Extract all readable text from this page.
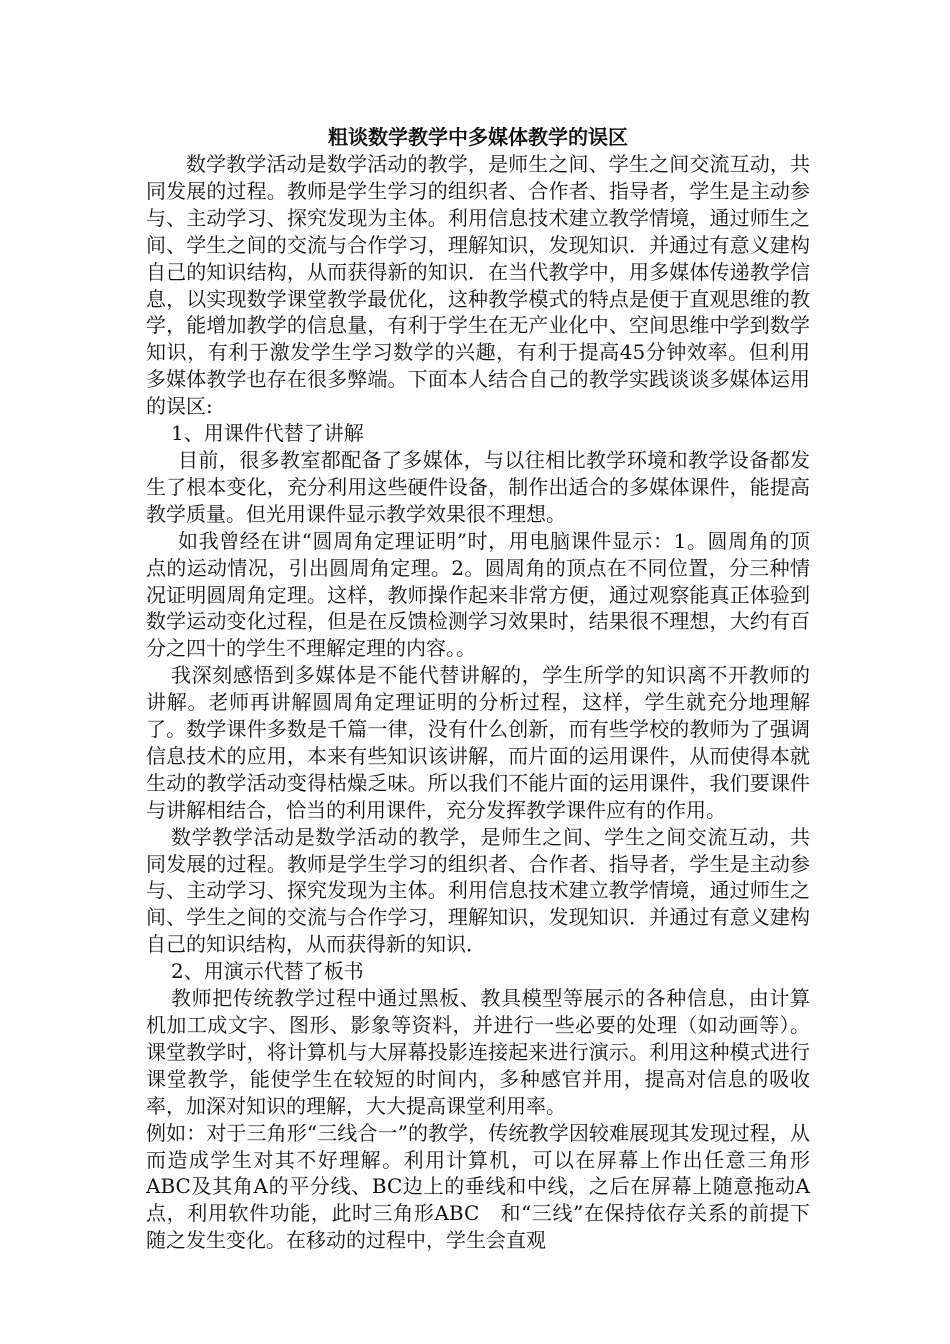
粗谈数学教学中多媒体教学的误区

数学教学活动是数学活动的教学，是师生之间、学生之间交流互动，共同发展的过程。教师是学生学习的组织者、合作者、指导者，学生是主动参与、主动学习、探究发现为主体。利用信息技术建立教学情境，通过师生之间、学生之间的交流与合作学习，理解知识，发现知识．并通过有意义建构自己的知识结构，从而获得新的知识．在当代教学中，用多媒体传递教学信息，以实现数学课堂教学最优化，这种教学模式的特点是便于直观思维的教学，能增加教学的信息量，有利于学生在无产业化中、空间思维中学到数学知识，有利于激发学生学习数学的兴趣，有利于提高45分钟效率。但利用多媒体教学也存在很多弊端。下面本人结合自己的教学实践谈谈多媒体运用的误区:

1、用课件代替了讲解

目前，很多教室都配备了多媒体，与以往相比教学环境和教学设备都发生了根本变化，充分利用这些硬件设备，制作出适合的多媒体课件，能提高教学质量。但光用课件显示教学效果很不理想。

如我曾经在讲“圆周角定理证明”时，用电脑课件显示：1。圆周角的顶点的运动情况，引出圆周角定理。2。圆周角的顶点在不同位置，分三种情况证明圆周角定理。这样，教师操作起来非常方便，通过观察能真正体验到数学运动变化过程，但是在反馈检测学习效果时，结果很不理想，大约有百分之四十的学生不理解定理的内容。。

我深刻感悟到多媒体是不能代替讲解的，学生所学的知识离不开教师的讲解。老师再讲解圆周角定理证明的分析过程，这样，学生就充分地理解了。数学课件多数是千篇一律，没有什么创新，而有些学校的教师为了强调信息技术的应用，本来有些知识该讲解，而片面的运用课件，从而使得本就生动的教学活动变得枯燥乏味。所以我们不能片面的运用课件，我们要课件与讲解相结合，恰当的利用课件，充分发挥教学课件应有的作用。

数学教学活动是数学活动的教学，是师生之间、学生之间交流互动，共同发展的过程。教师是学生学习的组织者、合作者、指导者，学生是主动参与、主动学习、探究发现为主体。利用信息技术建立教学情境，通过师生之间、学生之间的交流与合作学习，理解知识，发现知识．并通过有意义建构自己的知识结构，从而获得新的知识．

2、用演示代替了板书

教师把传统教学过程中通过黑板、教具模型等展示的各种信息，由计算机加工成文字、图形、影象等资料，并进行一些必要的处理（如动画等）。课堂教学时，将计算机与大屏幕投影连接起来进行演示。利用这种模式进行课堂教学，能使学生在较短的时间内，多种感官并用，提高对信息的吸收率，加深对知识的理解，大大提高课堂利用率。

例如：对于三角形“三线合一”的教学，传统教学因较难展现其发现过程，从而造成学生对其不好理解。利用计算机，可以在屏幕上作出任意三角形ABC及其角A的平分线、BC边上的垂线和中线，之后在屏幕上随意拖动A点，利用软件功能，此时三角形ABC　和“三线”在保持依存关系的前提下随之发生变化。在移动的过程中，学生会直观
